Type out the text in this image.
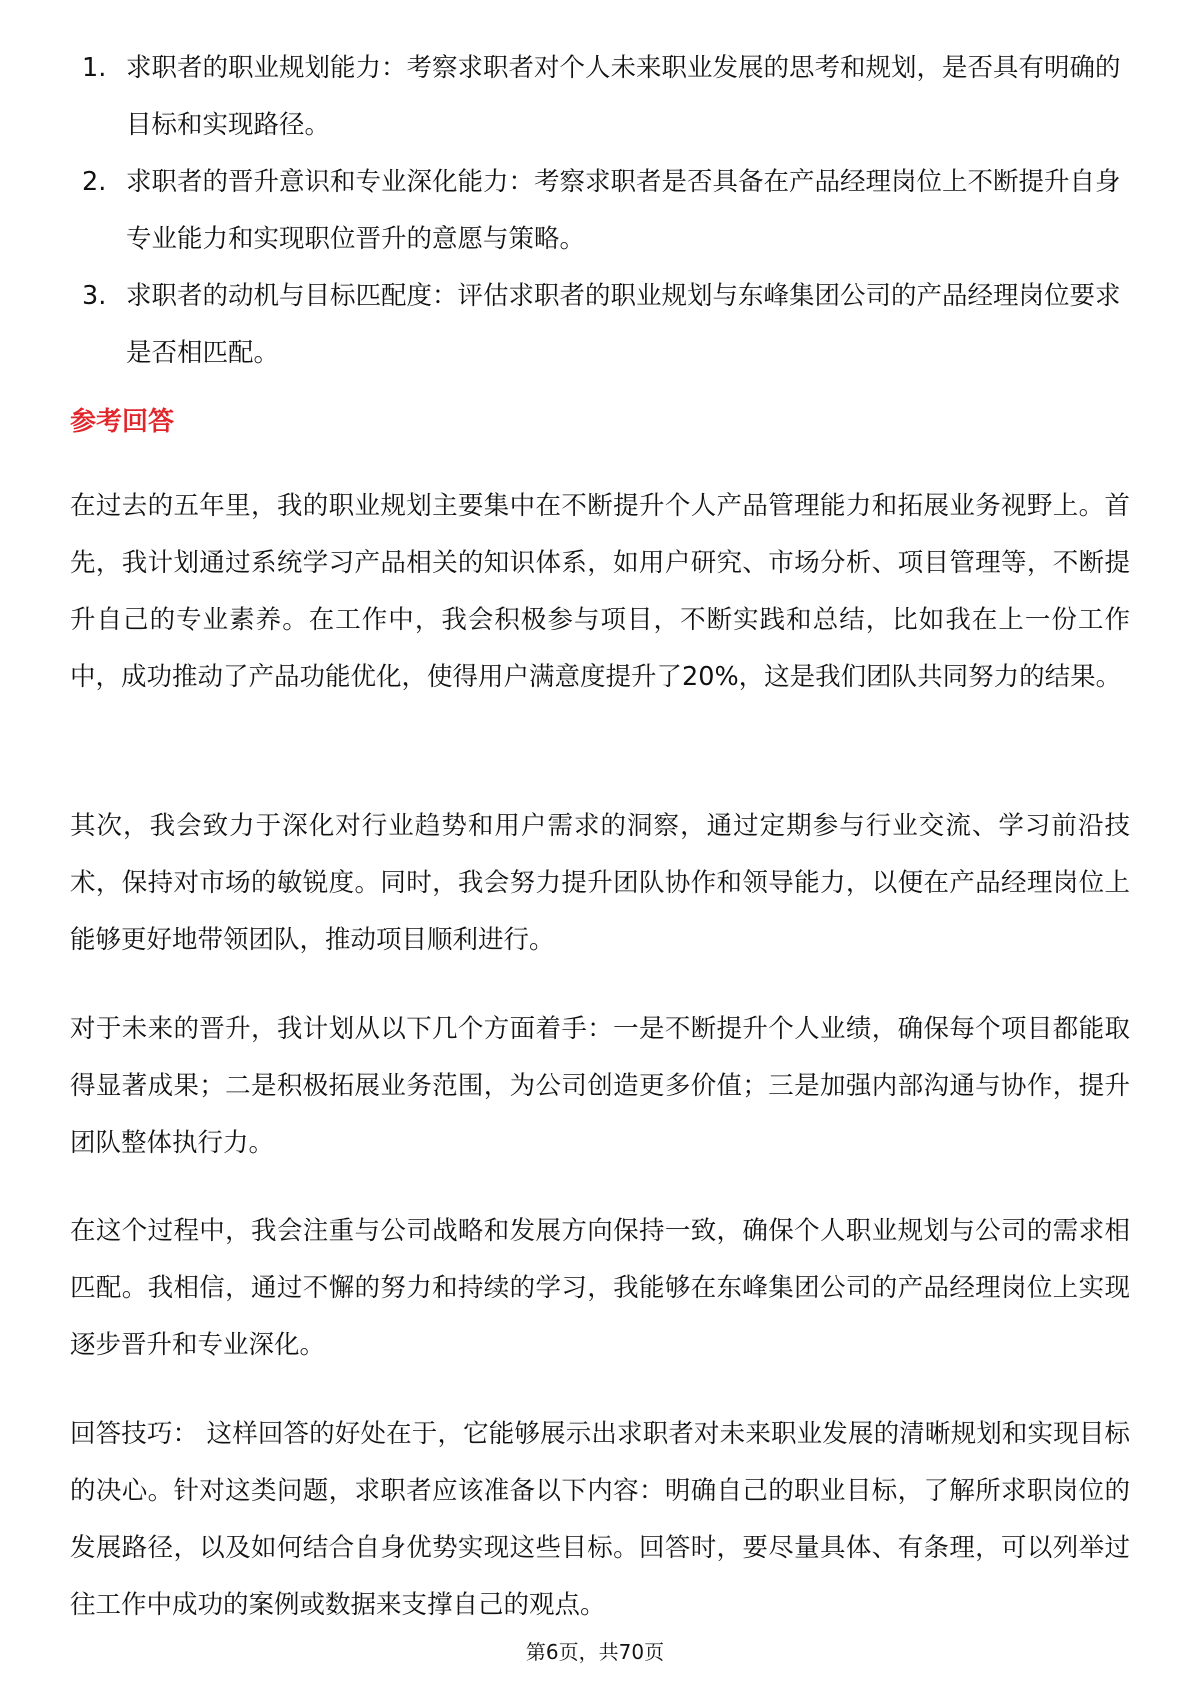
1. 求职者的职业规划能力：考察求职者对个人未来职业发展的思考和规划，是否具有明确的目标和实现路径。
2. 求职者的晋升意识和专业深化能力：考察求职者是否具备在产品经理岗位上不断提升自身专业能力和实现职位晋升的意愿与策略。
3. 求职者的动机与目标匹配度：评估求职者的职业规划与东峰集团公司的产品经理岗位要求是否相匹配。
参考回答

在过去的五年里，我的职业规划主要集中在不断提升个人产品管理能力和拓展业务视野上。首先，我计划通过系统学习产品相关的知识体系，如用户研究、市场分析、项目管理等，不断提升自己的专业素养。在工作中，我会积极参与项目，不断实践和总结，比如我在上一份工作中，成功推动了产品功能优化，使得用户满意度提升了20%，这是我们团队共同努力的结果。

其次，我会致力于深化对行业趋势和用户需求的洞察，通过定期参与行业交流、学习前沿技术，保持对市场的敏锐度。同时，我会努力提升团队协作和领导能力，以便在产品经理岗位上能够更好地带领团队，推动项目顺利进行。

对于未来的晋升，我计划从以下几个方面着手：一是不断提升个人业绩，确保每个项目都能取得显著成果；二是积极拓展业务范围，为公司创造更多价值；三是加强内部沟通与协作，提升团队整体执行力。

在这个过程中，我会注重与公司战略和发展方向保持一致，确保个人职业规划与公司的需求相匹配。我相信，通过不懈的努力和持续的学习，我能够在东峰集团公司的产品经理岗位上实现逐步晋升和专业深化。

回答技巧： 这样回答的好处在于，它能够展示出求职者对未来职业发展的清晰规划和实现目标的决心。针对这类问题，求职者应该准备以下内容：明确自己的职业目标，了解所求职岗位的发展路径，以及如何结合自身优势实现这些目标。回答时，要尽量具体、有条理，可以列举过往工作中成功的案例或数据来支撑自己的观点。

第6页，共70页
